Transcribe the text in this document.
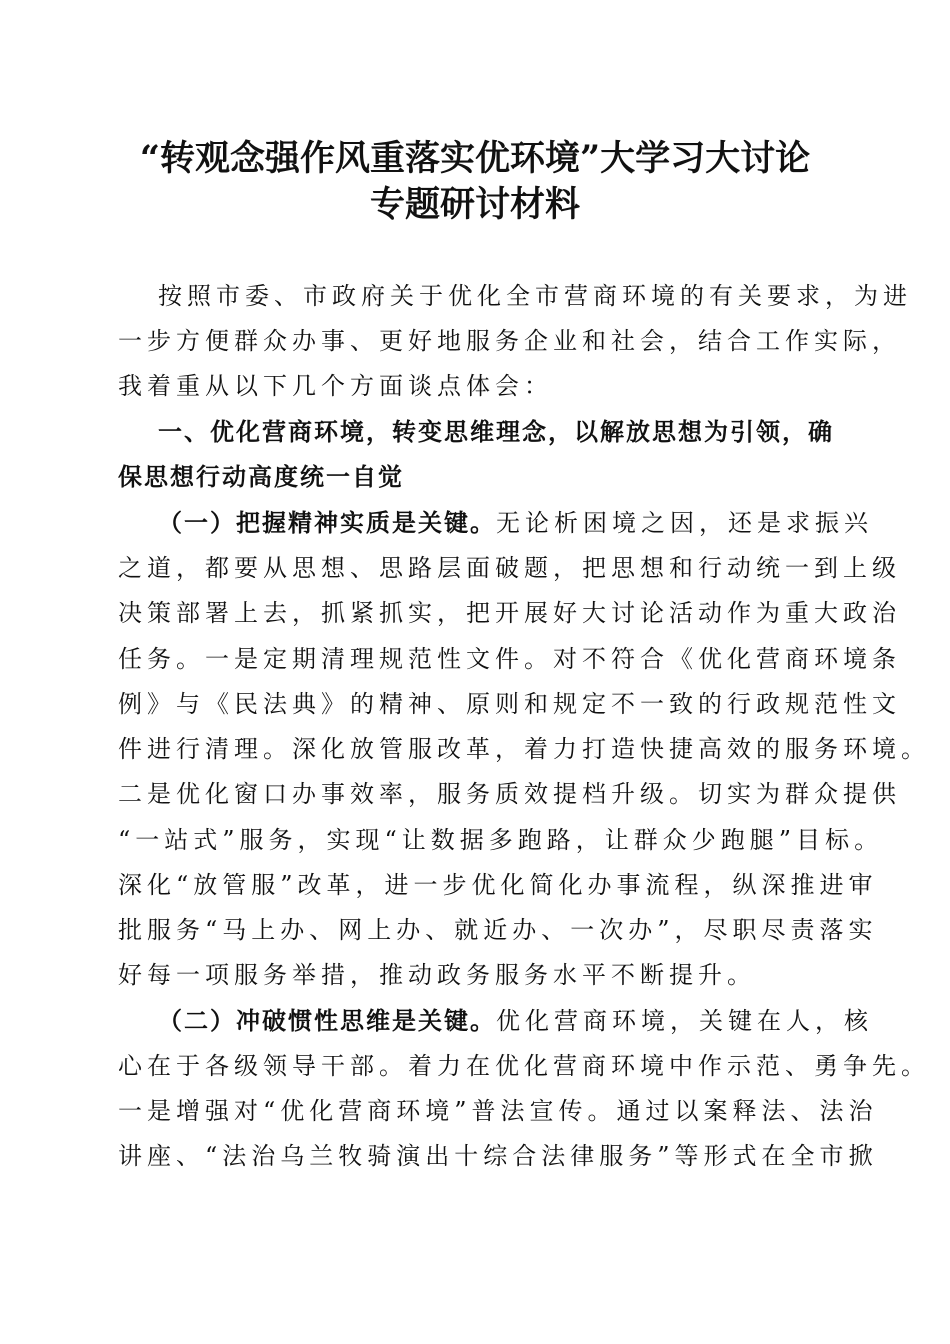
“转观念强作风重落实优环境”大学习大讨论
专题研讨材料
按照市委、市政府关于优化全市营商环境的有关要求，为进
一步方便群众办事、更好地服务企业和社会，结合工作实际，
我着重从以下几个方面谈点体会：
一、优化营商环境，转变思维理念，以解放思想为引领，确
保思想行动高度统一自觉
（一）把握精神实质是关键。无论析困境之因，还是求振兴
之道，都要从思想、思路层面破题，把思想和行动统一到上级
决策部署上去，抓紧抓实，把开展好大讨论活动作为重大政治
任务。一是定期清理规范性文件。对不符合《优化营商环境条
例》与《民法典》的精神、原则和规定不一致的行政规范性文
件进行清理。深化放管服改革，着力打造快捷高效的服务环境。
二是优化窗口办事效率，服务质效提档升级。切实为群众提供
“一站式”服务，实现“让数据多跑路，让群众少跑腿”目标。
深化“放管服”改革，进一步优化简化办事流程，纵深推进审
批服务“马上办、网上办、就近办、一次办”，尽职尽责落实
好每一项服务举措，推动政务服务水平不断提升。
（二）冲破惯性思维是关键。优化营商环境，关键在人，核
心在于各级领导干部。着力在优化营商环境中作示范、勇争先。
一是增强对“优化营商环境”普法宣传。通过以案释法、法治
讲座、“法治乌兰牧骑演出十综合法律服务”等形式在全市掀
